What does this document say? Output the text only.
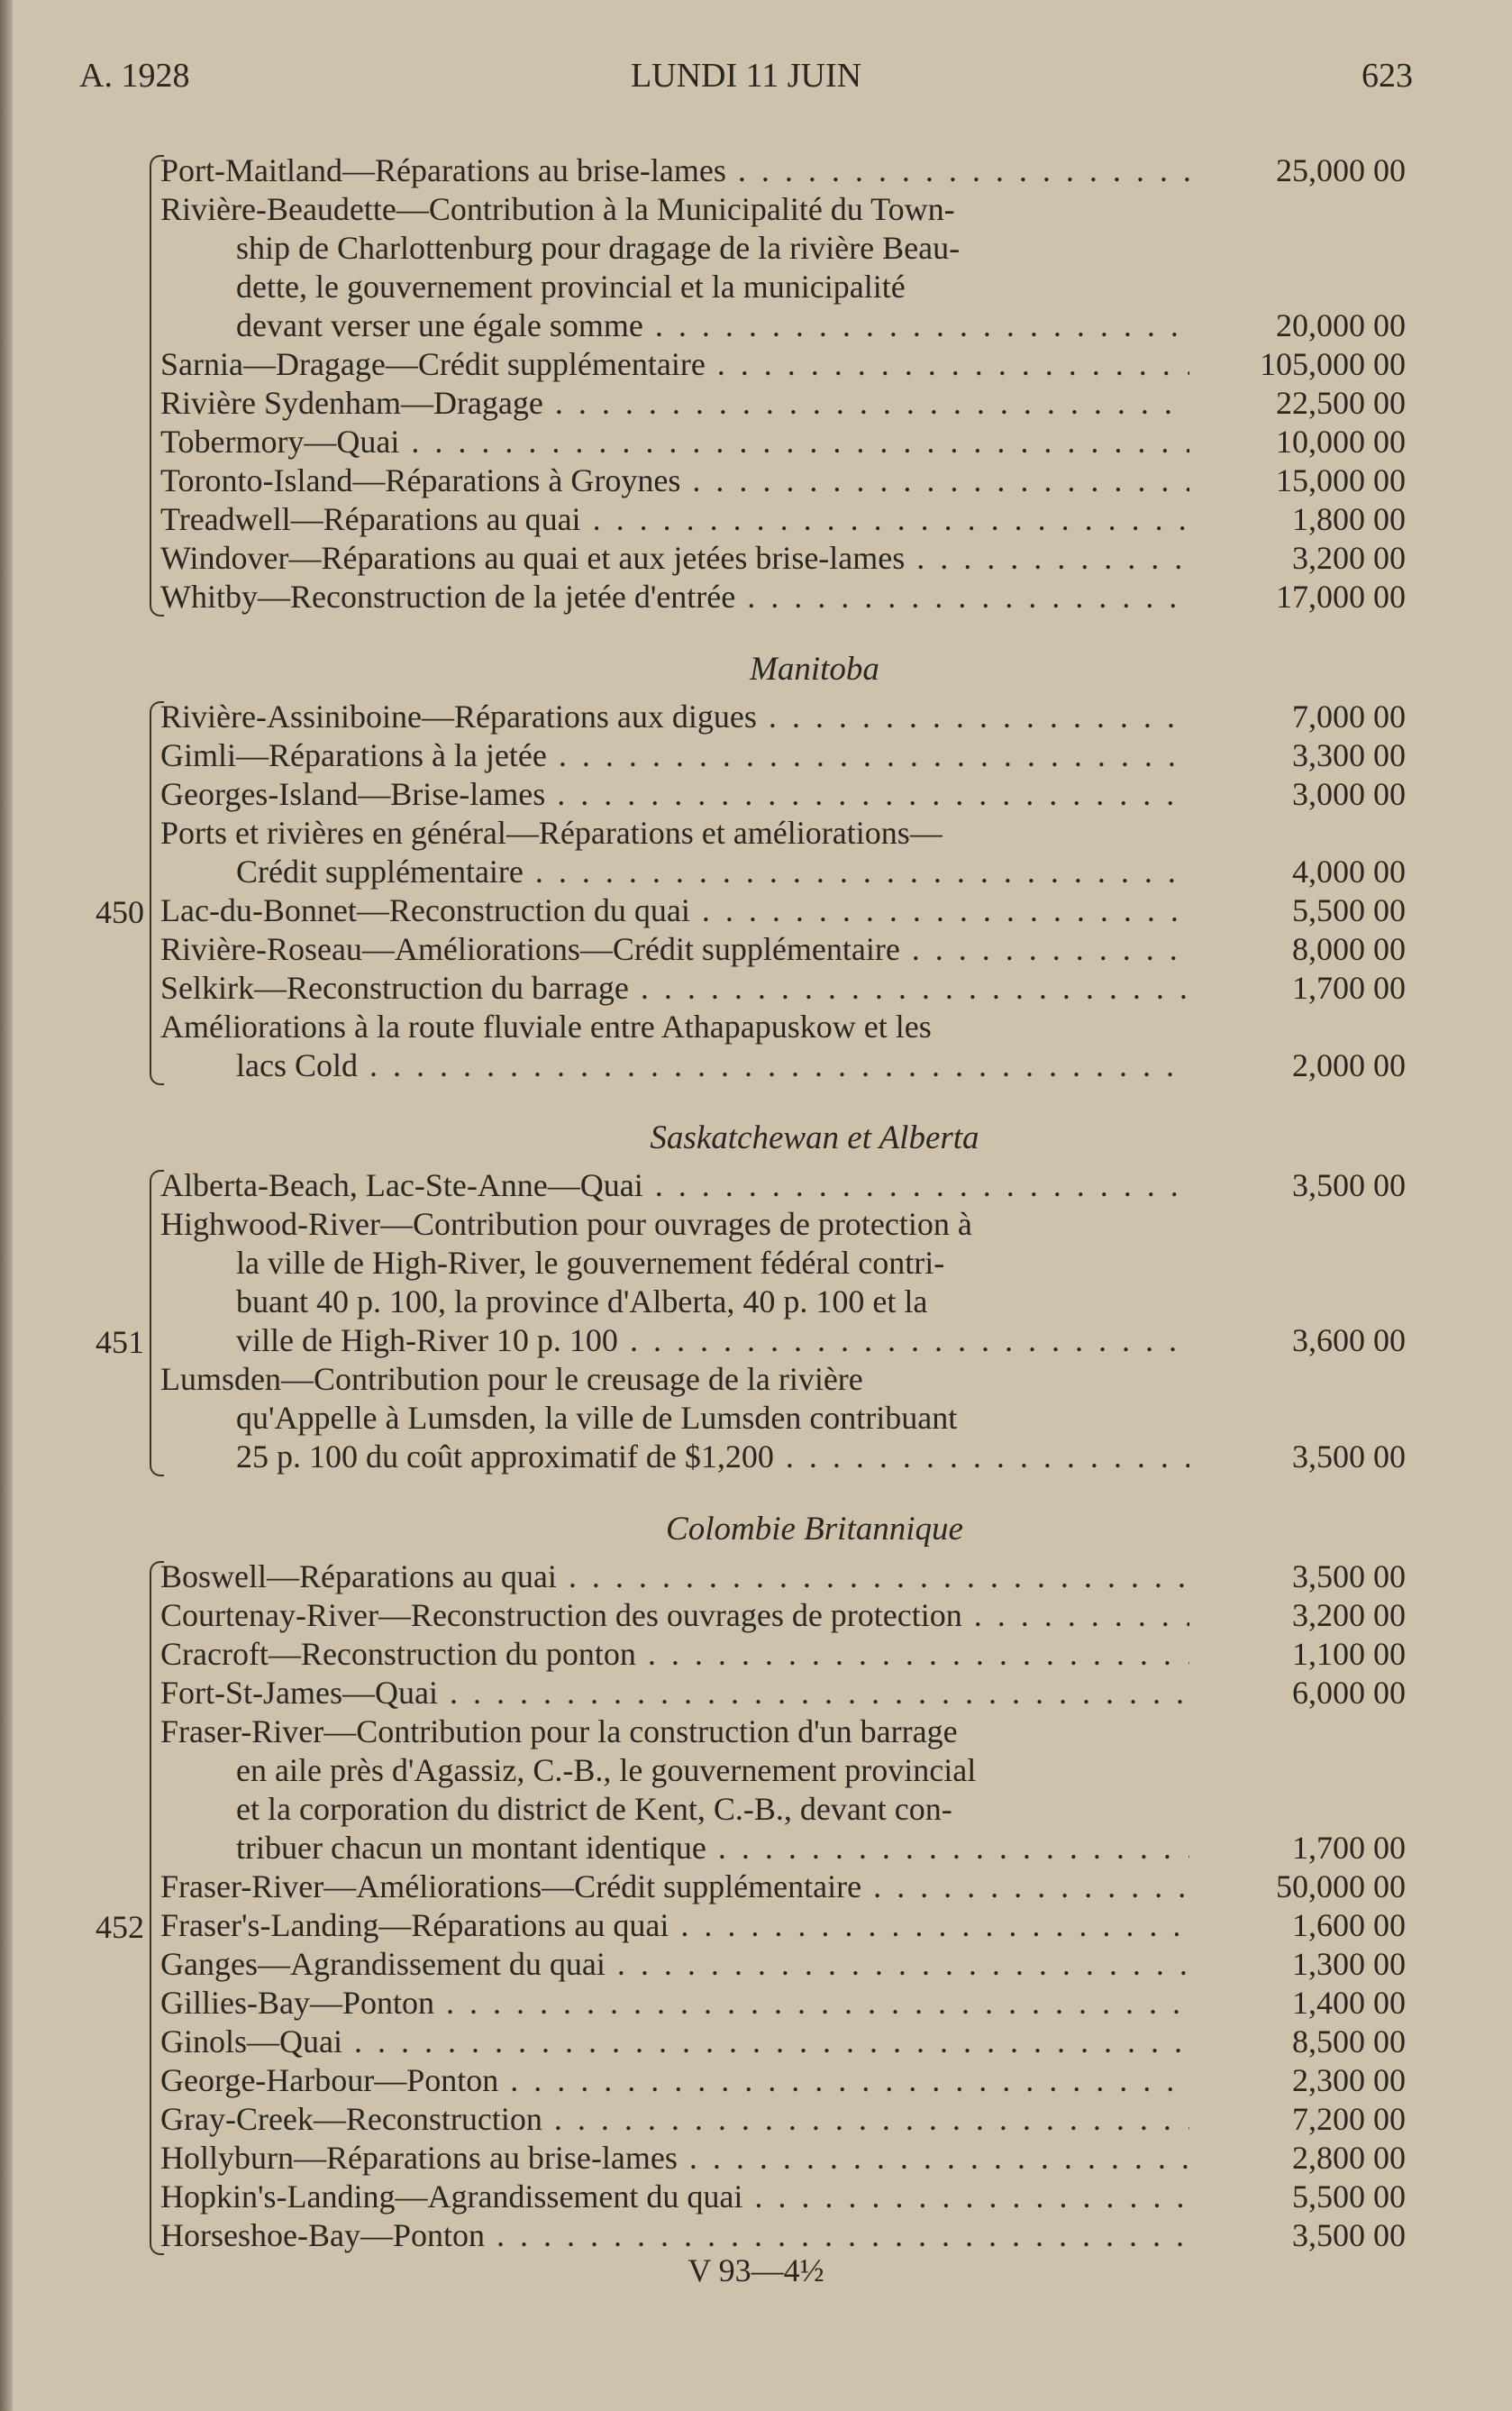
A. 1928	LUNDI 11 JUIN	623
Port-Maitland—Réparations au brise-lames . . .	25,000 00
Rivière-Beaudette—Contribution à la Municipalité du Town-
ship de Charlottenburg pour dragage de la rivière Beau-
dette, le gouvernement provincial et la municipalité
devant verser une égale somme . . .	20,000 00
Sarnia—Dragage—Crédit supplémentaire . . .	105,000 00
Rivière Sydenham—Dragage . . .	22,500 00
Tobermory—Quai . . .	10,000 00
Toronto-Island—Réparations à Groynes . . .	15,000 00
Treadwell—Réparations au quai . . .	1,800 00
Windover—Réparations au quai et aux jetées brise-lames . . .	3,200 00
Whitby—Reconstruction de la jetée d'entrée . . .	17,000 00
Manitoba
Rivière-Assiniboine—Réparations aux digues . . .	7,000 00
Gimli—Réparations à la jetée . . .	3,300 00
Georges-Island—Brise-lames . . .	3,000 00
Ports et rivières en général—Réparations et améliorations—
Crédit supplémentaire . . .	4,000 00
Lac-du-Bonnet—Reconstruction du quai . . .	5,500 00
Rivière-Roseau—Améliorations—Crédit supplémentaire . . .	8,000 00
Selkirk—Reconstruction du barrage . . .	1,700 00
Améliorations à la route fluviale entre Athapapuskow et les
lacs Cold . . .	2,000 00
450
Saskatchewan et Alberta
Alberta-Beach, Lac-Ste-Anne—Quai . . .	3,500 00
Highwood-River—Contribution pour ouvrages de protection à
la ville de High-River, le gouvernement fédéral contri-
buant 40 p. 100, la province d'Alberta, 40 p. 100 et la
ville de High-River 10 p. 100 . . .	3,600 00
Lumsden—Contribution pour le creusage de la rivière
qu'Appelle à Lumsden, la ville de Lumsden contribuant
25 p. 100 du coût approximatif de $1,200 . . .	3,500 00
451
Colombie Britannique
Boswell—Réparations au quai . . .	3,500 00
Courtenay-River—Reconstruction des ouvrages de protection . . .	3,200 00
Cracroft—Reconstruction du ponton . . .	1,100 00
Fort-St-James—Quai . . .	6,000 00
Fraser-River—Contribution pour la construction d'un barrage
en aile près d'Agassiz, C.-B., le gouvernement provincial
et la corporation du district de Kent, C.-B., devant con-
tribuer chacun un montant identique . . .	1,700 00
Fraser-River—Améliorations—Crédit supplémentaire . . .	50,000 00
Fraser's-Landing—Réparations au quai . . .	1,600 00
Ganges—Agrandissement du quai . . .	1,300 00
Gillies-Bay—Ponton . . .	1,400 00
Ginols—Quai . . .	8,500 00
George-Harbour—Ponton . . .	2,300 00
Gray-Creek—Reconstruction . . .	7,200 00
Hollyburn—Réparations au brise-lames . . .	2,800 00
Hopkin's-Landing—Agrandissement du quai . . .	5,500 00
Horseshoe-Bay—Ponton . . .	3,500 00
452
V 93—4½
